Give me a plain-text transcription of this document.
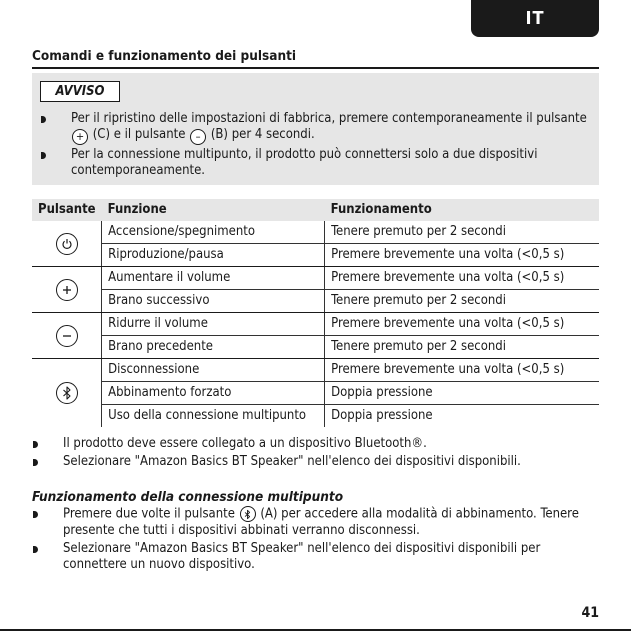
IT
Comandi e funzionamento dei pulsanti
AVVISO
Per il ripristino delle impostazioni di fabbrica, premere contemporaneamente il pulsante + (C) e il pulsante – (B) per 4 secondi.
Per la connessione multipunto, il prodotto può connettersi solo a due dispositivi contemporaneamente.
Pulsante	Funzione	Funzionamento

	Accensione/spegnimento	Tenere premuto per 2 secondi
	Riproduzione/pausa	Premere brevemente una volta (<0,5 s)

	Aumentare il volume	Premere brevemente una volta (<0,5 s)
	Brano successivo	Tenere premuto per 2 secondi

	Ridurre il volume	Premere brevemente una volta (<0,5 s)
	Brano precedente	Tenere premuto per 2 secondi

	Disconnessione	Premere brevemente una volta (<0,5 s)
	Abbinamento forzato	Doppia pressione
	Uso della connessione multipunto	Doppia pressione
Il prodotto deve essere collegato a un dispositivo Bluetooth®.
Selezionare "Amazon Basics BT Speaker" nell'elenco dei dispositivi disponibili.
Funzionamento della connessione multipunto
Premere due volte il pulsante (A) per accedere alla modalità di abbinamento. Tenere presente che tutti i dispositivi abbinati verranno disconnessi.
Selezionare "Amazon Basics BT Speaker" nell'elenco dei dispositivi disponibili per connettere un nuovo dispositivo.
41
